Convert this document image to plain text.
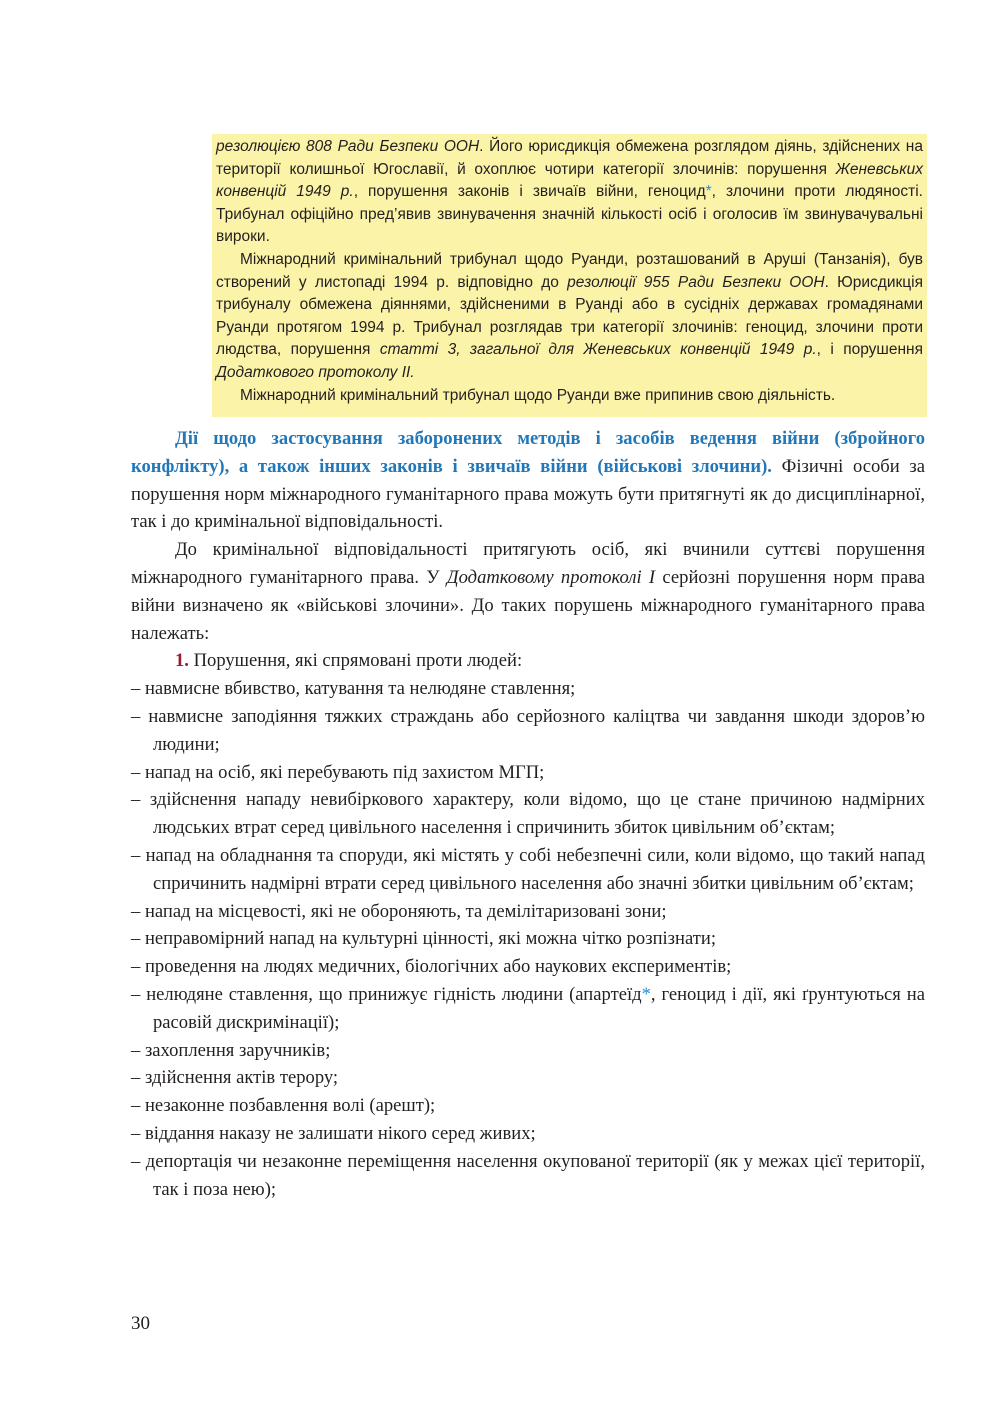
резолюцією 808 Ради Безпеки ООН. Його юрисдикція обмежена розглядом діянь, здійснених на території колишньої Югославії, й охоплює чотири категорії злочинів: порушення Женевських конвенцій 1949 р., порушення законів і звичаїв війни, геноцид*, злочини проти людяності. Трибунал офіційно пред’явив звинувачення значній кількості осіб і оголосив їм звинувачувальні вироки.

Міжнародний кримінальний трибунал щодо Руанди, розташований в Аруші (Танзанія), був створений у листопаді 1994 р. відповідно до резолюції 955 Ради Безпеки ООН. Юрисдикція трибуналу обмежена діяннями, здійсненими в Руанді або в сусідніх державах громадянами Руанди протягом 1994 р. Трибунал розглядав три категорії злочинів: геноцид, злочини проти людства, порушення статті 3, загальної для Женевських конвенцій 1949 р., і порушення Додаткового протоколу II.

Міжнародний кримінальний трибунал щодо Руанди вже припинив свою діяльність.

Дії щодо застосування заборонених методів і засобів ведення війни (збройного конфлікту), а також інших законів і звичаїв війни (військові злочини). Фізичні особи за порушення норм міжнародного гуманітарного права можуть бути притягнуті як до дисциплінарної, так і до кримінальної відповідальності.

До кримінальної відповідальності притягують осіб, які вчинили суттєві порушення міжнародного гуманітарного права. У Додатковому протоколі I серйозні порушення норм права війни визначено як «військові злочини». До таких порушень міжнародного гуманітарного права належать:

1. Порушення, які спрямовані проти людей:

– навмисне вбивство, катування та нелюдяне ставлення;
– навмисне заподіяння тяжких страждань або серйозного каліцтва чи завдання шкоди здоров’ю людини;
– напад на осіб, які перебувають під захистом МГП;
– здійснення нападу невибіркового характеру, коли відомо, що це стане причиною надмірних людських втрат серед цивільного населення і спричинить збиток цивільним об’єктам;
– напад на обладнання та споруди, які містять у собі небезпечні сили, коли відомо, що такий напад спричинить надмірні втрати серед цивільного населення або значні збитки цивільним об’єктам;
– напад на місцевості, які не обороняють, та демілітаризовані зони;
– неправомірний напад на культурні цінності, які можна чітко розпізнати;
– проведення на людях медичних, біологічних або наукових експериментів;
– нелюдяне ставлення, що принижує гідність людини (апартеїд*, геноцид і дії, які ґрунтуються на расовій дискримінації);
– захоплення заручників;
– здійснення актів терору;
– незаконне позбавлення волі (арешт);
– віддання наказу не залишати нікого серед живих;
– депортація чи незаконне переміщення населення окупованої території (як у межах цієї території, так і поза нею);
30
